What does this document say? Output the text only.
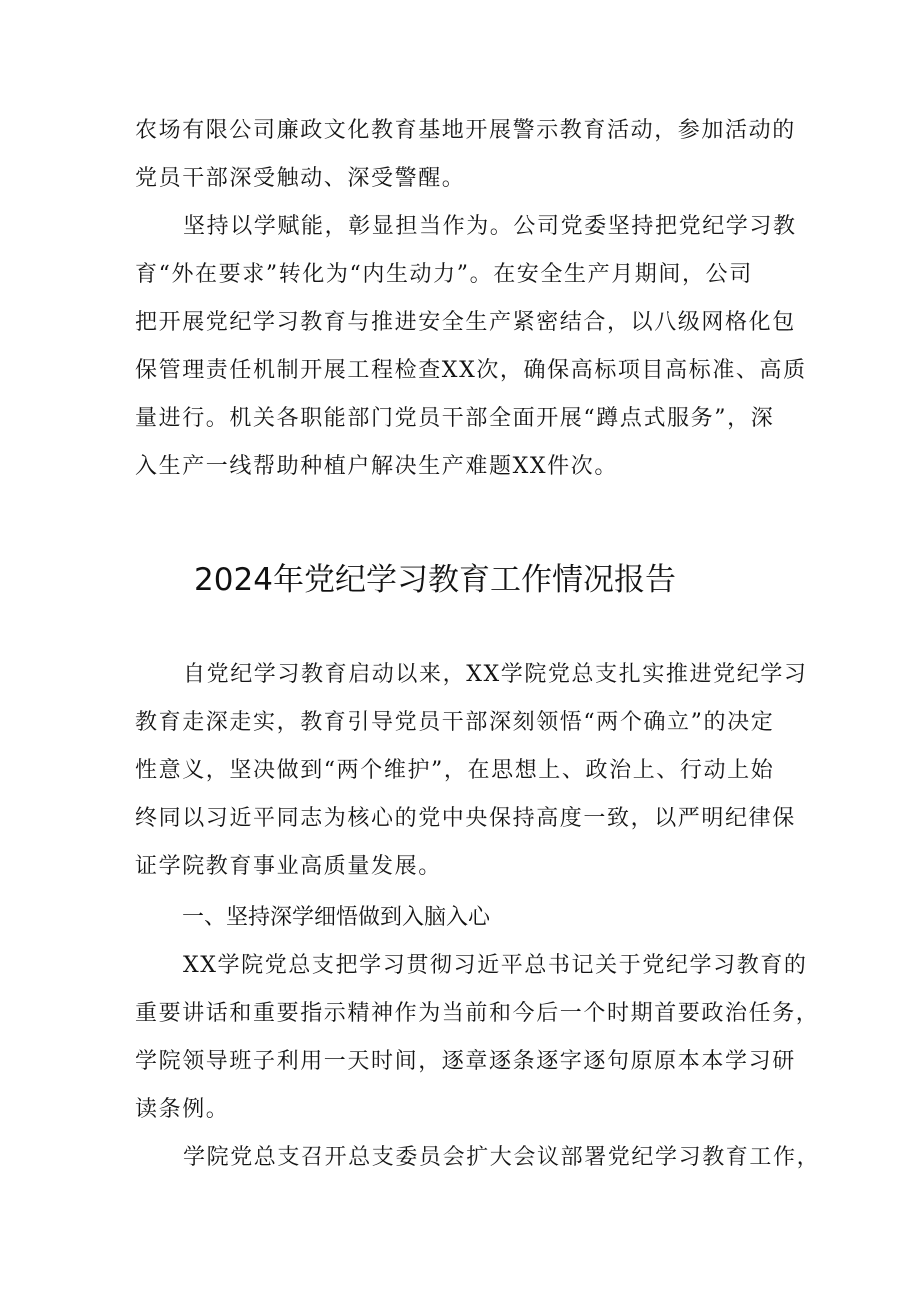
农场有限公司廉政文化教育基地开展警示教育活动，参加活动的
党员干部深受触动、深受警醒。
坚持以学赋能，彰显担当作为。公司党委坚持把党纪学习教
育“外在要求”转化为“内生动力”。在安全生产月期间，公司
把开展党纪学习教育与推进安全生产紧密结合，以八级网格化包
保管理责任机制开展工程检查XX次，确保高标项目高标准、高质
量进行。机关各职能部门党员干部全面开展“蹲点式服务”，深
入生产一线帮助种植户解决生产难题XX件次。
2024年党纪学习教育工作情况报告
自党纪学习教育启动以来，XX学院党总支扎实推进党纪学习
教育走深走实，教育引导党员干部深刻领悟“两个确立”的决定
性意义，坚决做到“两个维护”，在思想上、政治上、行动上始
终同以习近平同志为核心的党中央保持高度一致，以严明纪律保
证学院教育事业高质量发展。
一、坚持深学细悟做到入脑入心
XX学院党总支把学习贯彻习近平总书记关于党纪学习教育的
重要讲话和重要指示精神作为当前和今后一个时期首要政治任务，
学院领导班子利用一天时间，逐章逐条逐字逐句原原本本学习研
读条例。
学院党总支召开总支委员会扩大会议部署党纪学习教育工作，
